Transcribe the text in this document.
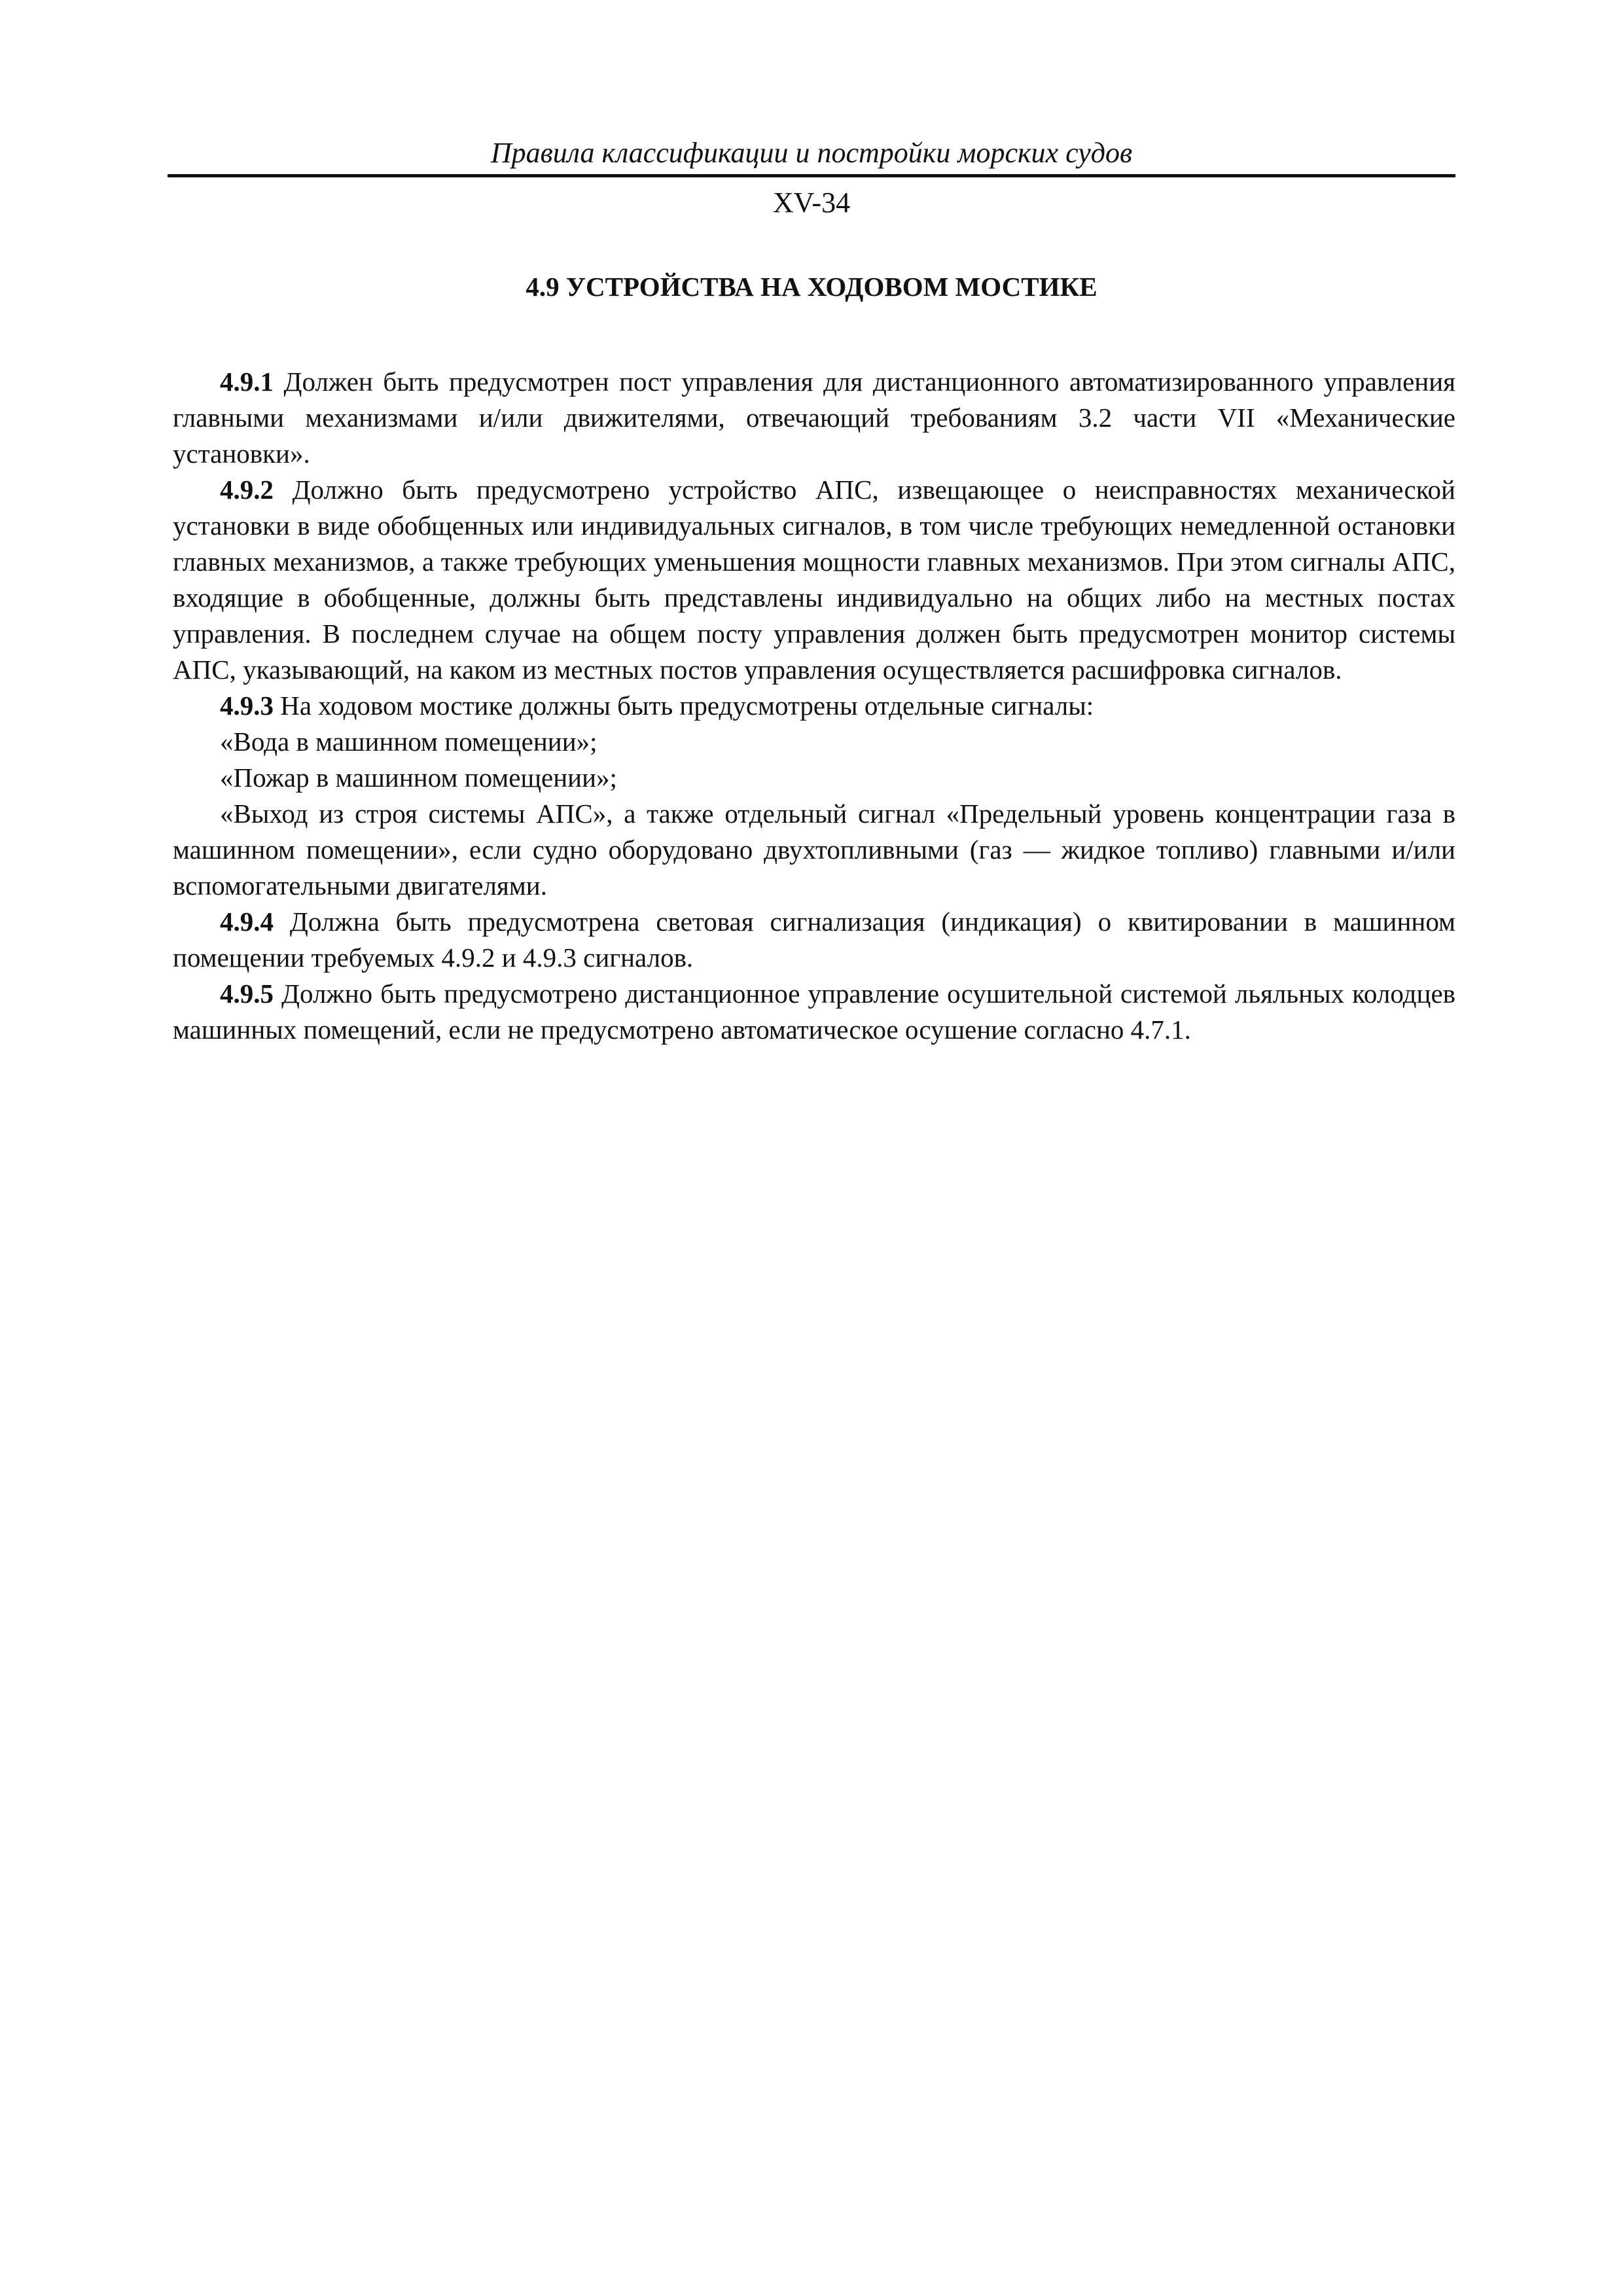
Правила классификации и постройки морских судов
XV-34
4.9 УСТРОЙСТВА НА ХОДОВОМ МОСТИКЕ

4.9.1 Должен быть предусмотрен пост управления для дистанционного автоматизированного управления главными механизмами и/или движителями, отвечающий требованиям 3.2 части VII «Механические установки».

4.9.2 Должно быть предусмотрено устройство АПС, извещающее о неисправностях механической установки в виде обобщенных или индивидуальных сигналов, в том числе требующих немедленной остановки главных механизмов, а также требующих уменьшения мощности главных механизмов. При этом сигналы АПС, входящие в обобщенные, должны быть представлены индивидуально на общих либо на местных постах управления. В последнем случае на общем посту управления должен быть предусмотрен монитор системы АПС, указывающий, на каком из местных постов управления осуществляется расшифровка сигналов.

4.9.3 На ходовом мостике должны быть предусмотрены отдельные сигналы:

«Вода в машинном помещении»;

«Пожар в машинном помещении»;

«Выход из строя системы АПС», а также отдельный сигнал «Предельный уровень концентрации газа в машинном помещении», если судно оборудовано двухтопливными (газ — жидкое топливо) главными и/или вспомогательными двигателями.

4.9.4 Должна быть предусмотрена световая сигнализация (индикация) о квитировании в машинном помещении требуемых 4.9.2 и 4.9.3 сигналов.

4.9.5 Должно быть предусмотрено дистанционное управление осушительной системой льяльных колодцев машинных помещений, если не предусмотрено автоматическое осушение согласно 4.7.1.
